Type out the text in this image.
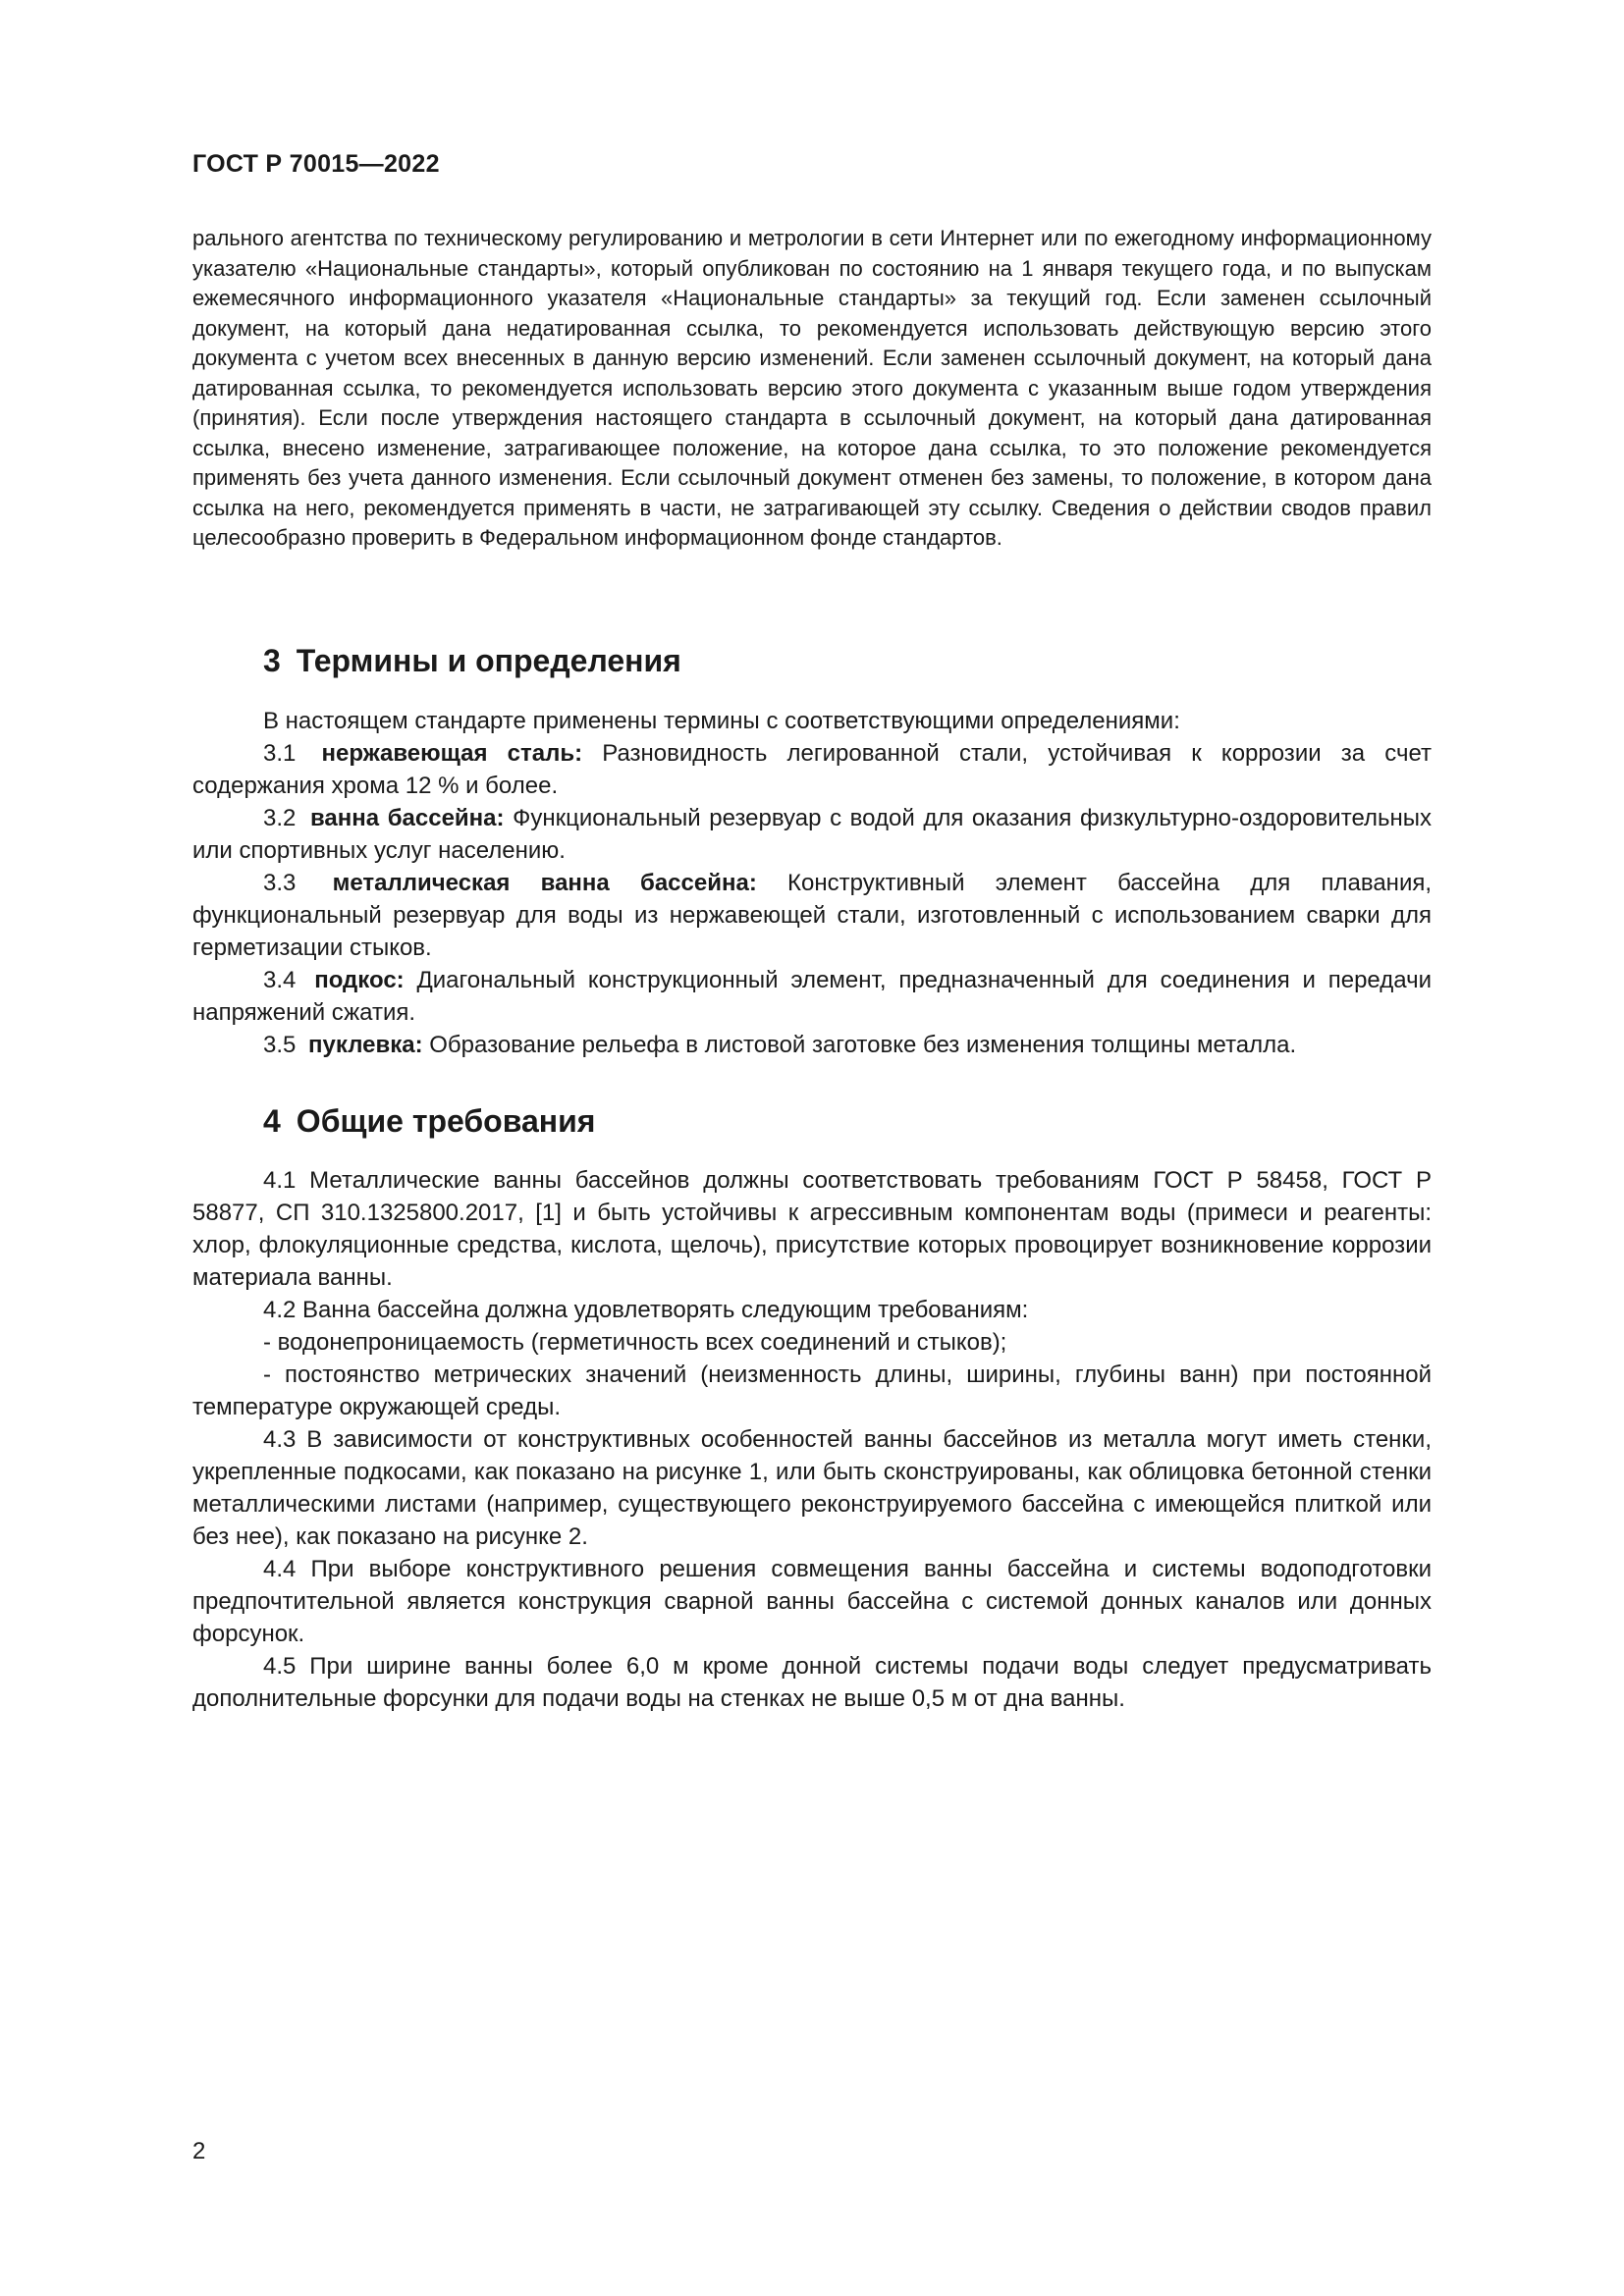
ГОСТ Р 70015—2022

рального агентства по техническому регулированию и метрологии в сети Интернет или по ежегодному информационному указателю «Национальные стандарты», который опубликован по состоянию на 1 января текущего года, и по выпускам ежемесячного информационного указателя «Национальные стандарты» за текущий год. Если заменен ссылочный документ, на который дана недатированная ссылка, то рекомендуется использовать действующую версию этого документа с учетом всех внесенных в данную версию изменений. Если заменен ссылочный документ, на который дана датированная ссылка, то рекомендуется использовать версию этого документа с указанным выше годом утверждения (принятия). Если после утверждения настоящего стандарта в ссылочный документ, на который дана датированная ссылка, внесено изменение, затрагивающее положение, на которое дана ссылка, то это положение рекомендуется применять без учета данного изменения. Если ссылочный документ отменен без замены, то положение, в котором дана ссылка на него, рекомендуется применять в части, не затрагивающей эту ссылку. Сведения о действии сводов правил целесообразно проверить в Федеральном информационном фонде стандартов.

3 Термины и определения

В настоящем стандарте применены термины с соответствующими определениями:

3.1 нержавеющая сталь: Разновидность легированной стали, устойчивая к коррозии за счет содержания хрома 12 % и более.

3.2 ванна бассейна: Функциональный резервуар с водой для оказания физкультурно-оздоровительных или спортивных услуг населению.

3.3 металлическая ванна бассейна: Конструктивный элемент бассейна для плавания, функциональный резервуар для воды из нержавеющей стали, изготовленный с использованием сварки для герметизации стыков.

3.4 подкос: Диагональный конструкционный элемент, предназначенный для соединения и передачи напряжений сжатия.

3.5 пуклевка: Образование рельефа в листовой заготовке без изменения толщины металла.

4 Общие требования

4.1 Металлические ванны бассейнов должны соответствовать требованиям ГОСТ Р 58458, ГОСТ Р 58877, СП 310.1325800.2017, [1] и быть устойчивы к агрессивным компонентам воды (примеси и реагенты: хлор, флокуляционные средства, кислота, щелочь), присутствие которых провоцирует возникновение коррозии материала ванны.

4.2 Ванна бассейна должна удовлетворять следующим требованиям:

- водонепроницаемость (герметичность всех соединений и стыков);

- постоянство метрических значений (неизменность длины, ширины, глубины ванн) при постоянной температуре окружающей среды.

4.3 В зависимости от конструктивных особенностей ванны бассейнов из металла могут иметь стенки, укрепленные подкосами, как показано на рисунке 1, или быть сконструированы, как облицовка бетонной стенки металлическими листами (например, существующего реконструируемого бассейна с имеющейся плиткой или без нее), как показано на рисунке 2.

4.4 При выборе конструктивного решения совмещения ванны бассейна и системы водоподготовки предпочтительной является конструкция сварной ванны бассейна с системой донных каналов или донных форсунок.

4.5 При ширине ванны более 6,0 м кроме донной системы подачи воды следует предусматривать дополнительные форсунки для подачи воды на стенках не выше 0,5 м от дна ванны.

2
